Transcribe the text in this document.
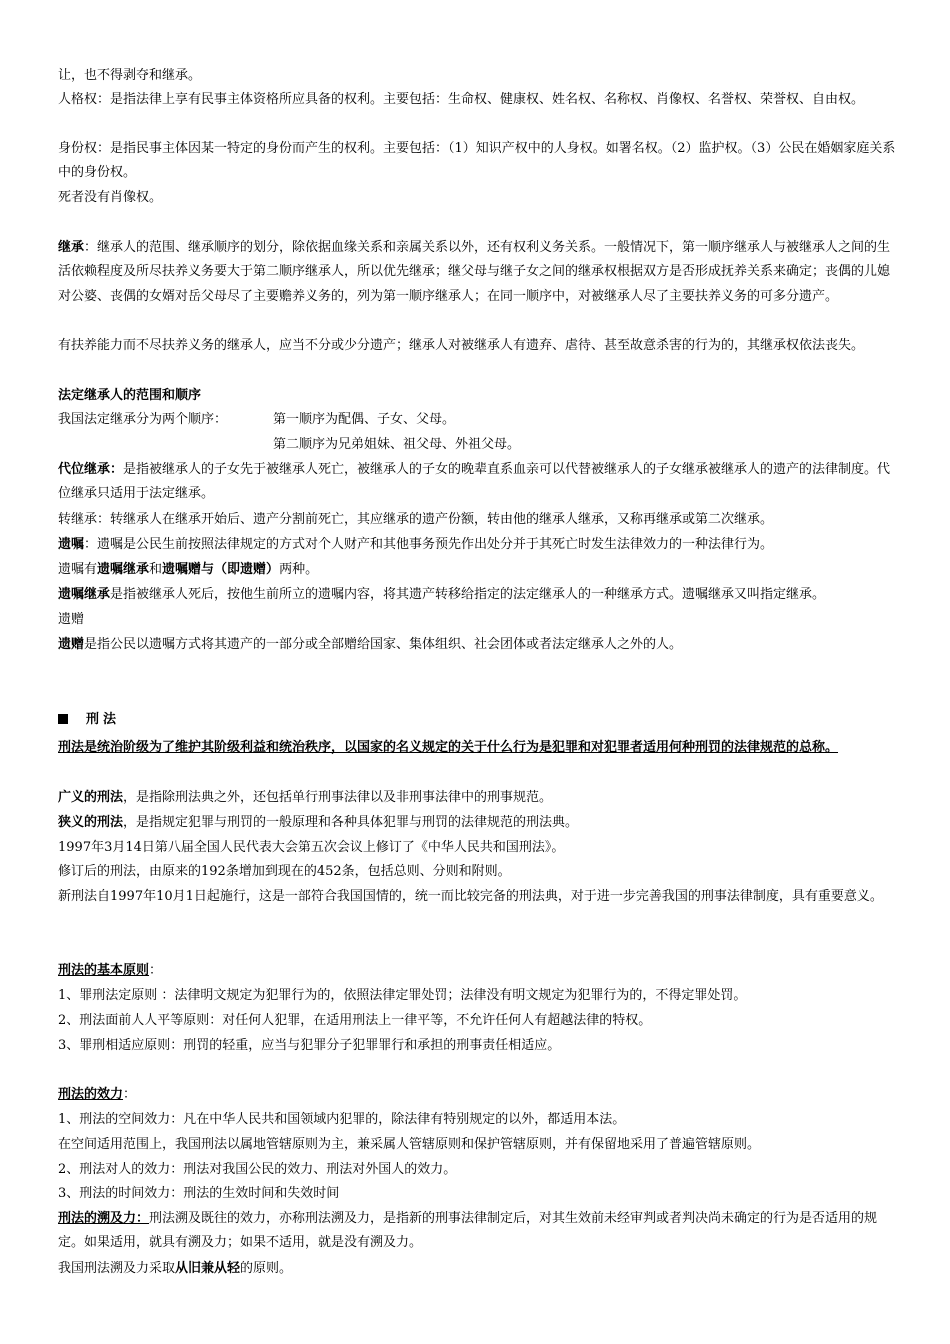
让，也不得剥夺和继承。

人格权：是指法律上享有民事主体资格所应具备的权利。主要包括：生命权、健康权、姓名权、名称权、肖像权、名誉权、荣誉权、自由权。

身份权：是指民事主体因某一特定的身份而产生的权利。主要包括：（1）知识产权中的人身权。如署名权。（2）监护权。（3）公民在婚姻家庭关系中的身份权。

死者没有肖像权。

继承：继承人的范围、继承顺序的划分，除依据血缘关系和亲属关系以外，还有权利义务关系。一般情况下，第一顺序继承人与被继承人之间的生活依赖程度及所尽扶养义务要大于第二顺序继承人，所以优先继承；继父母与继子女之间的继承权根据双方是否形成抚养关系来确定；丧偶的儿媳对公婆、丧偶的女婿对岳父母尽了主要赡养义务的，列为第一顺序继承人；在同一顺序中，对被继承人尽了主要扶养义务的可多分遗产。

有扶养能力而不尽扶养义务的继承人，应当不分或少分遗产；继承人对被继承人有遗弃、虐待、甚至故意杀害的行为的，其继承权依法丧失。

法定继承人的范围和顺序

我国法定继承分为两个顺序：	第一顺序为配偶、子女、父母。

第二顺序为兄弟姐妹、祖父母、外祖父母。

代位继承：是指被继承人的子女先于被继承人死亡，被继承人的子女的晚辈直系血亲可以代替被继承人的子女继承被继承人的遗产的法律制度。代位继承只适用于法定继承。

转继承：转继承人在继承开始后、遗产分割前死亡，其应继承的遗产份额，转由他的继承人继承，又称再继承或第二次继承。

遗嘱：遗嘱是公民生前按照法律规定的方式对个人财产和其他事务预先作出处分并于其死亡时发生法律效力的一种法律行为。

遗嘱有遗嘱继承和遗嘱赠与（即遗赠）两种。

遗嘱继承是指被继承人死后，按他生前所立的遗嘱内容，将其遗产转移给指定的法定继承人的一种继承方式。遗嘱继承又叫指定继承。

遗赠

遗赠是指公民以遗嘱方式将其遗产的一部分或全部赠给国家、集体组织、社会团体或者法定继承人之外的人。

刑法

刑法是统治阶级为了维护其阶级利益和统治秩序，以国家的名义规定的关于什么行为是犯罪和对犯罪者适用何种刑罚的法律规范的总称。

广义的刑法，是指除刑法典之外，还包括单行刑事法律以及非刑事法律中的刑事规范。

狭义的刑法，是指规定犯罪与刑罚的一般原理和各种具体犯罪与刑罚的法律规范的刑法典。

1997年3月14日第八届全国人民代表大会第五次会议上修订了《中华人民共和国刑法》。

修订后的刑法，由原来的192条增加到现在的452条，包括总则、分则和附则。

新刑法自1997年10月1日起施行，这是一部符合我国国情的，统一而比较完备的刑法典，对于进一步完善我国的刑事法律制度，具有重要意义。

刑法的基本原则：

1、罪刑法定原则 ：法律明文规定为犯罪行为的，依照法律定罪处罚；法律没有明文规定为犯罪行为的，不得定罪处罚。

2、刑法面前人人平等原则：对任何人犯罪，在适用刑法上一律平等，不允许任何人有超越法律的特权。

3、罪刑相适应原则：刑罚的轻重，应当与犯罪分子犯罪罪行和承担的刑事责任相适应。

刑法的效力：

1、刑法的空间效力：凡在中华人民共和国领域内犯罪的，除法律有特别规定的以外，都适用本法。

在空间适用范围上，我国刑法以属地管辖原则为主，兼采属人管辖原则和保护管辖原则，并有保留地采用了普遍管辖原则。

2、刑法对人的效力：刑法对我国公民的效力、刑法对外国人的效力。

3、刑法的时间效力：刑法的生效时间和失效时间

刑法的溯及力：刑法溯及既往的效力，亦称刑法溯及力，是指新的刑事法律制定后，对其生效前未经审判或者判决尚未确定的行为是否适用的规定。如果适用，就具有溯及力；如果不适用，就是没有溯及力。

我国刑法溯及力采取从旧兼从轻的原则。
